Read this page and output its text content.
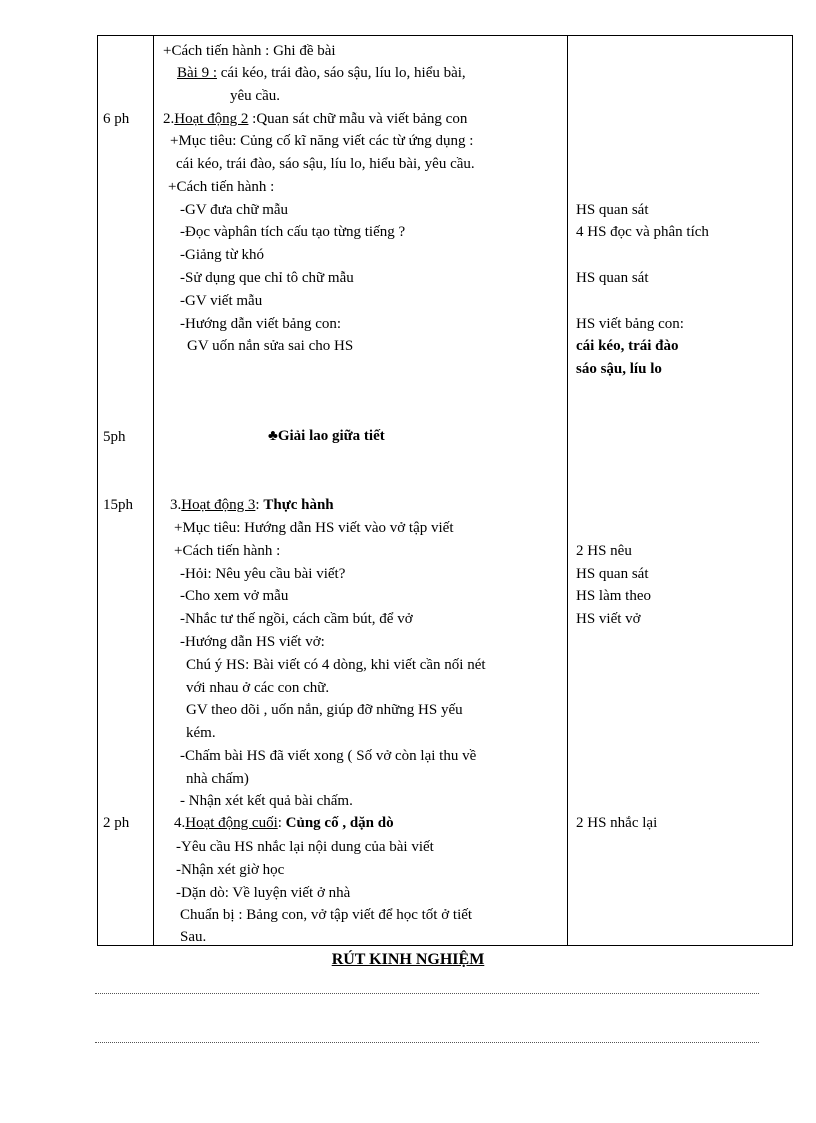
6 ph
5ph
15ph
2 ph
+Cách tiến hành : Ghi đề bài
Bài 9 : cái kéo, trái đào, sáo sậu, líu lo, hiểu bài,
yêu cầu.
2.Hoạt động 2 :Quan sát chữ mẫu và viết bảng con
+Mục tiêu: Củng cố kĩ năng viết các từ ứng dụng :
cái kéo, trái đào, sáo sậu, líu lo, hiểu bài, yêu cầu.
+Cách tiến hành :
-GV đưa chữ mẫu
-Đọc vàphân tích cấu tạo từng tiếng ?
-Giảng từ khó
-Sử dụng que chỉ tô chữ mẫu
-GV viết mẫu
-Hướng dẫn viết bảng con:
GV uốn nắn sửa sai cho HS
♣Giải lao giữa tiết
3.Hoạt động 3: Thực hành
+Mục tiêu: Hướng dẫn HS viết vào vở tập viết
+Cách tiến hành :
-Hỏi: Nêu yêu cầu bài viết?
-Cho xem vở mẫu
-Nhắc tư thế ngồi, cách cầm bút, để vở
-Hướng dẫn HS viết vở:
Chú ý HS: Bài viết có 4 dòng, khi viết cần nối nét
với nhau ở các con chữ.
GV theo dõi , uốn nắn, giúp đỡ những HS yếu
kém.
-Chấm bài HS đã viết xong ( Số vở còn lại thu về
nhà chấm)
- Nhận xét kết quả bài chấm.
4.Hoạt động cuối: Củng cố , dặn dò
-Yêu cầu HS nhắc lại nội dung của bài viết
-Nhận xét giờ học
-Dặn dò: Về luyện viết ở nhà
Chuẩn bị : Bảng con, vở tập viết để học tốt ở tiết
Sau.
HS quan sát
4 HS đọc và phân tích
HS quan sát
HS viết bảng con:
cái kéo, trái đào
sáo sậu, líu lo
2 HS nêu
HS quan sát
HS làm theo
HS viết vở
2 HS nhắc lại
RÚT KINH NGHIỆM
